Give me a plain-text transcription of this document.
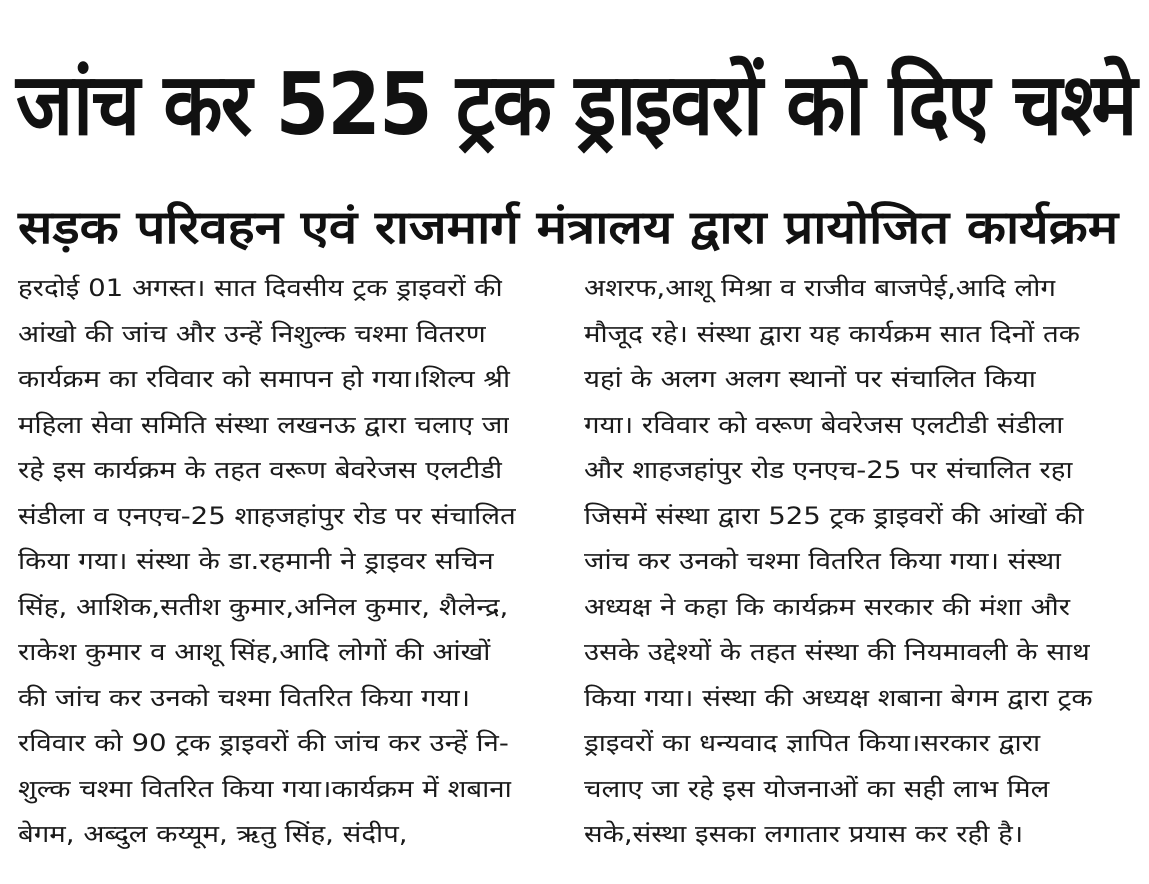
जांच कर 525 ट्रक ड्राइवरों को दिए चश्मे
सड़क परिवहन एवं राजमार्ग मंत्रालय द्वारा प्रायोजित कार्यक्रम
हरदोई 01 अगस्त। सात दिवसीय ट्रक ड्राइवरों की
आंखो की जांच और उन्हें निशुल्क चश्मा वितरण
कार्यक्रम का रविवार को समापन हो गया।शिल्प श्री
महिला सेवा समिति संस्था लखनऊ द्वारा चलाए जा
रहे इस कार्यक्रम के तहत वरूण बेवरेजस एलटीडी
संडीला व एनएच-25 शाहजहांपुर रोड पर संचालित
किया गया। संस्था के डा.रहमानी ने ड्राइवर सचिन
सिंह, आशिक,सतीश कुमार,अनिल कुमार, शैलेन्द्र,
राकेश कुमार व आशू सिंह,आदि लोगों की आंखों
की जांच कर उनको चश्मा वितरित किया गया।
रविवार को 90 ट्रक ड्राइवरों की जांच कर उन्हें नि-
शुल्क चश्मा वितरित किया गया।कार्यक्रम में शबाना
बेगम, अब्दुल कय्यूम, ऋतु सिंह, संदीप,
अशरफ,आशू मिश्रा व राजीव बाजपेई,आदि लोग
मौजूद रहे। संस्था द्वारा यह कार्यक्रम सात दिनों तक
यहां के अलग अलग स्थानों पर संचालित किया
गया। रविवार को वरूण बेवरेजस एलटीडी संडीला
और शाहजहांपुर रोड एनएच-25 पर संचालित रहा
जिसमें संस्था द्वारा 525 ट्रक ड्राइवरों की आंखों की
जांच कर उनको चश्मा वितरित किया गया। संस्था
अध्यक्ष ने कहा कि कार्यक्रम सरकार की मंशा और
उसके उद्देश्यों के तहत संस्था की नियमावली के साथ
किया गया। संस्था की अध्यक्ष शबाना बेगम द्वारा ट्रक
ड्राइवरों का धन्यवाद ज्ञापित किया।सरकार द्वारा
चलाए जा रहे इस योजनाओं का सही लाभ मिल
सके,संस्था इसका लगातार प्रयास कर रही है।
